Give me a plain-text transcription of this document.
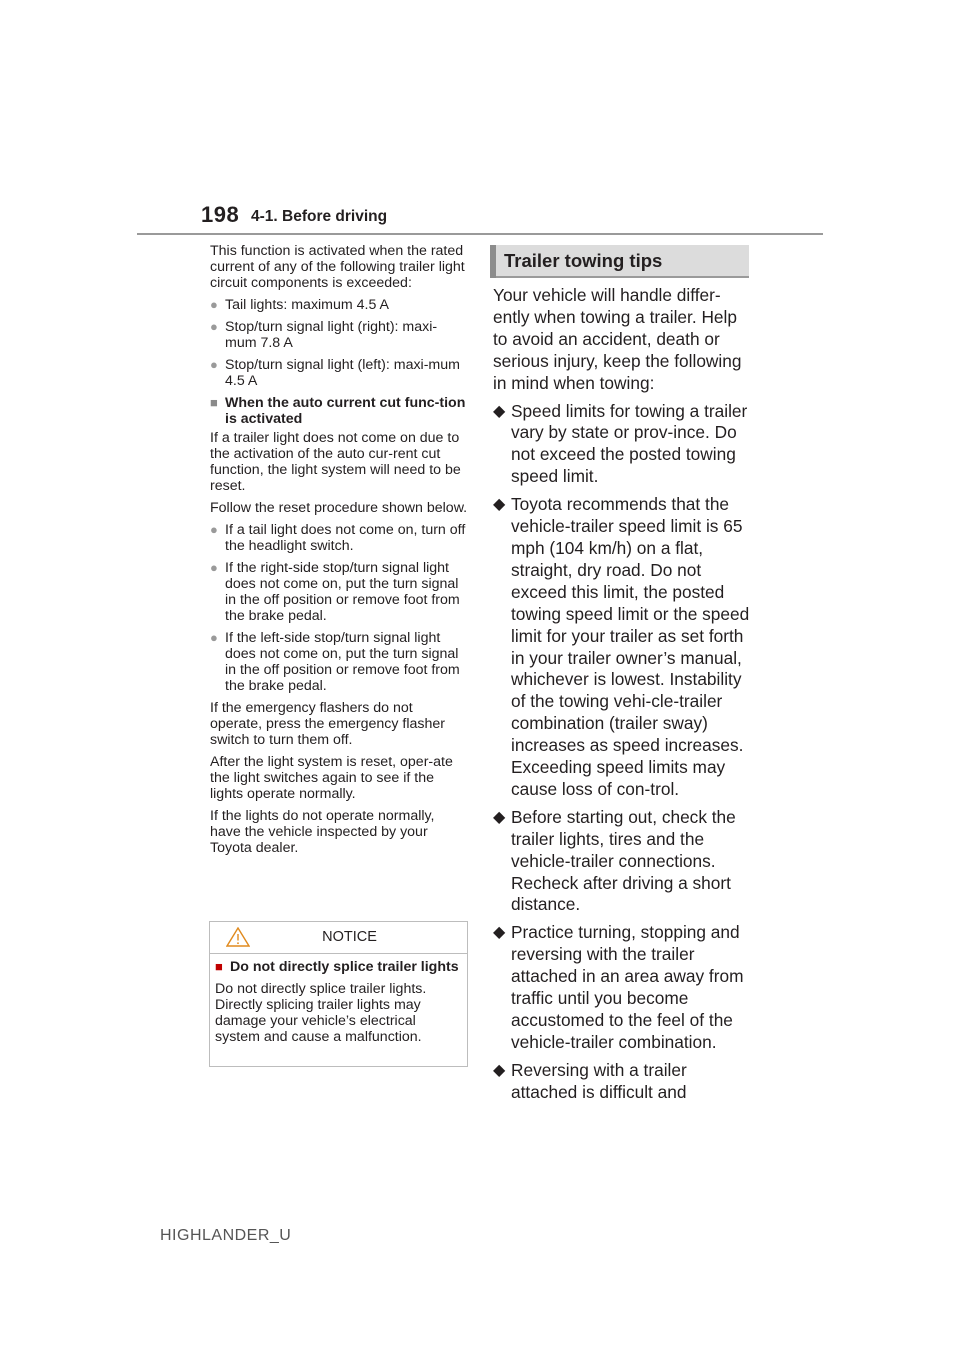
198 4-1. Before driving

This function is activated when the rated current of any of the following trailer light circuit components is exceeded:

● Tail lights: maximum 4.5 A
● Stop/turn signal light (right): maxi-mum 7.8 A
● Stop/turn signal light (left): maxi-mum 4.5 A
■ When the auto current cut func-tion is activated

If a trailer light does not come on due to the activation of the auto cur-rent cut function, the light system will need to be reset.

Follow the reset procedure shown below.

● If a tail light does not come on, turn off the headlight switch.
● If the right-side stop/turn signal light does not come on, put the turn signal in the off position or remove foot from the brake pedal.
● If the left-side stop/turn signal light does not come on, put the turn signal in the off position or remove foot from the brake pedal.

If the emergency flashers do not operate, press the emergency flasher switch to turn them off.

After the light system is reset, oper-ate the light switches again to see if the lights operate normally.

If the lights do not operate normally, have the vehicle inspected by your Toyota dealer.

NOTICE
■ Do not directly splice trailer lights

Do not directly splice trailer lights. Directly splicing trailer lights may damage your vehicle’s electrical system and cause a malfunction.

Trailer towing tips

Your vehicle will handle differ-ently when towing a trailer. Help to avoid an accident, death or serious injury, keep the following in mind when towing:

◆ Speed limits for towing a trailer vary by state or prov-ince. Do not exceed the posted towing speed limit.
◆ Toyota recommends that the vehicle-trailer speed limit is 65 mph (104 km/h) on a flat, straight, dry road. Do not exceed this limit, the posted towing speed limit or the speed limit for your trailer as set forth in your trailer owner’s manual, whichever is lowest. Instability of the towing vehi-cle-trailer combination (trailer sway) increases as speed increases. Exceeding speed limits may cause loss of con-trol.
◆ Before starting out, check the trailer lights, tires and the vehicle-trailer connections. Recheck after driving a short distance.
◆ Practice turning, stopping and reversing with the trailer attached in an area away from traffic until you become accustomed to the feel of the vehicle-trailer combination.
◆ Reversing with a trailer attached is difficult and
HIGHLANDER_U
